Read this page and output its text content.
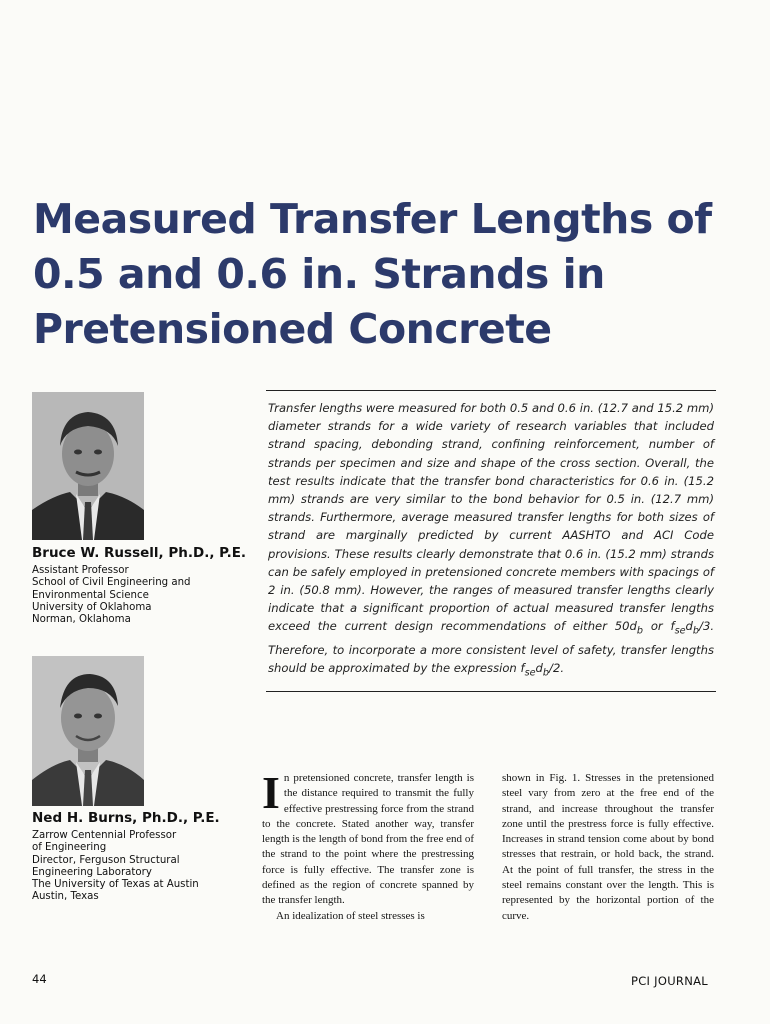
Measured Transfer Lengths of
0.5 and 0.6 in. Strands in
Pretensioned Concrete
Bruce W. Russell, Ph.D., P.E.
Assistant Professor
School of Civil Engineering and
Environmental Science
University of Oklahoma
Norman, Oklahoma
Ned H. Burns, Ph.D., P.E.
Zarrow Centennial Professor
of Engineering
Director, Ferguson Structural
Engineering Laboratory
The University of Texas at Austin
Austin, Texas
Transfer lengths were measured for both 0.5 and 0.6 in. (12.7 and 15.2 mm) diameter strands for a wide variety of research variables that included strand spacing, debonding strand, confining reinforcement, number of strands per specimen and size and shape of the cross section. Overall, the test results indicate that the transfer bond characteristics for 0.6 in. (15.2 mm) strands are very similar to the bond behavior for 0.5 in. (12.7 mm) strands. Furthermore, average measured transfer lengths for both sizes of strand are marginally predicted by current AASHTO and ACI Code provisions. These results clearly demonstrate that 0.6 in. (15.2 mm) strands can be safely employed in pretensioned concrete members with spacings of 2 in. (50.8 mm). However, the ranges of measured transfer lengths clearly indicate that a significant proportion of actual measured transfer lengths exceed the current design recommendations of either $50d_b$ or $f_{se}d_b/3$. Therefore, to incorporate a more consistent level of safety, transfer lengths should be approximated by the expression $f_{se}d_b/2$.

In pretensioned concrete, transfer length is the distance required to transmit the fully effective prestressing force from the strand to the concrete. Stated another way, transfer length is the length of bond from the free end of the strand to the point where the prestressing force is fully effective. The transfer zone is defined as the region of concrete spanned by the transfer length.

An idealization of steel stresses is

shown in Fig. 1. Stresses in the pretensioned steel vary from zero at the free end of the strand, and increase throughout the transfer zone until the prestress force is fully effective. Increases in strand tension come about by bond stresses that restrain, or hold back, the strand. At the point of full transfer, the stress in the steel remains constant over the length. This is represented by the horizontal portion of the curve.

44	PCI JOURNAL
